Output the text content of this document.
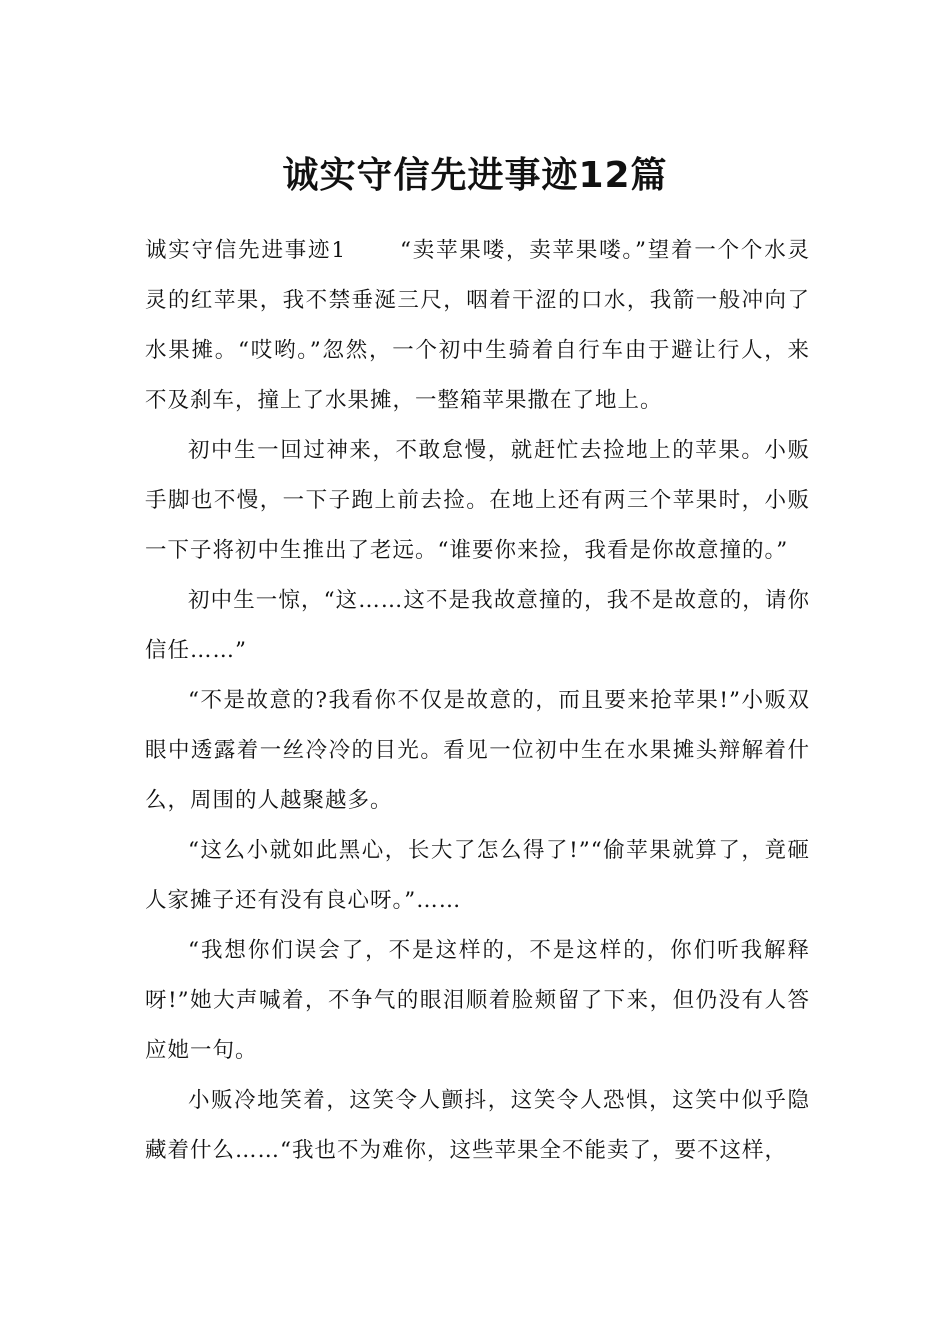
诚实守信先进事迹12篇

诚实守信先进事迹1	“卖苹果喽，卖苹果喽。”望着一个个水灵灵的红苹果，我不禁垂涎三尺，咽着干涩的口水，我箭一般冲向了水果摊。“哎哟。”忽然，一个初中生骑着自行车由于避让行人，来不及刹车，撞上了水果摊，一整箱苹果撒在了地上。

初中生一回过神来，不敢怠慢，就赶忙去捡地上的苹果。小贩手脚也不慢，一下子跑上前去捡。在地上还有两三个苹果时，小贩一下子将初中生推出了老远。“谁要你来捡，我看是你故意撞的。”

初中生一惊，“这……这不是我故意撞的，我不是故意的，请你信任……”

“不是故意的?我看你不仅是故意的，而且要来抢苹果!”小贩双眼中透露着一丝冷冷的目光。看见一位初中生在水果摊头辩解着什么，周围的人越聚越多。

“这么小就如此黑心，长大了怎么得了!”“偷苹果就算了，竟砸人家摊子还有没有良心呀。”……

“我想你们误会了，不是这样的，不是这样的，你们听我解释呀!”她大声喊着，不争气的眼泪顺着脸颊留了下来，但仍没有人答应她一句。

小贩冷地笑着，这笑令人颤抖，这笑令人恐惧，这笑中似乎隐藏着什么……“我也不为难你，这些苹果全不能卖了，要不这样，
